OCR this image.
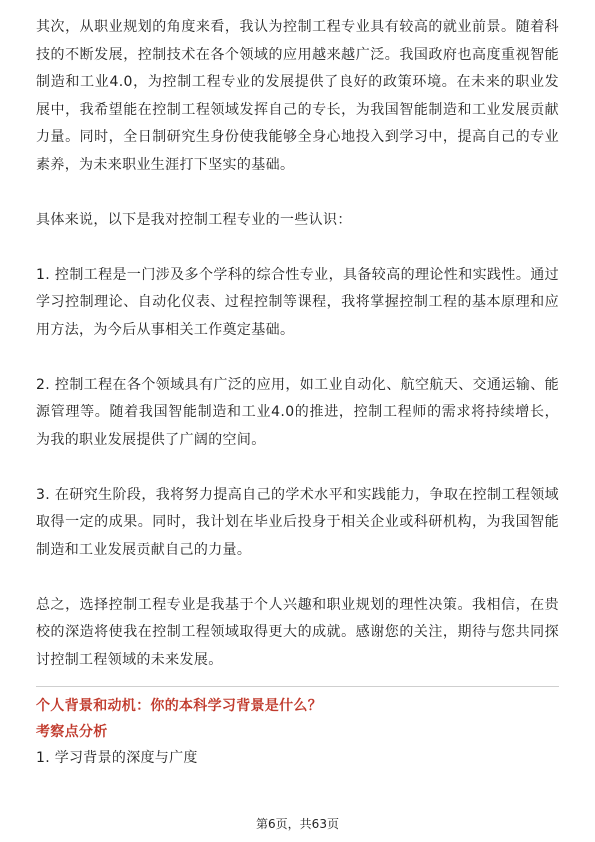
其次，从职业规划的角度来看，我认为控制工程专业具有较高的就业前景。随着科技的不断发展，控制技术在各个领域的应用越来越广泛。我国政府也高度重视智能制造和工业4.0，为控制工程专业的发展提供了良好的政策环境。在未来的职业发展中，我希望能在控制工程领域发挥自己的专长，为我国智能制造和工业发展贡献力量。同时，全日制研究生身份使我能够全身心地投入到学习中，提高自己的专业素养，为未来职业生涯打下坚实的基础。

具体来说，以下是我对控制工程专业的一些认识：

1. 控制工程是一门涉及多个学科的综合性专业，具备较高的理论性和实践性。通过学习控制理论、自动化仪表、过程控制等课程，我将掌握控制工程的基本原理和应用方法，为今后从事相关工作奠定基础。

2. 控制工程在各个领域具有广泛的应用，如工业自动化、航空航天、交通运输、能源管理等。随着我国智能制造和工业4.0的推进，控制工程师的需求将持续增长，为我的职业发展提供了广阔的空间。

3. 在研究生阶段，我将努力提高自己的学术水平和实践能力，争取在控制工程领域取得一定的成果。同时，我计划在毕业后投身于相关企业或科研机构，为我国智能制造和工业发展贡献自己的力量。

总之，选择控制工程专业是我基于个人兴趣和职业规划的理性决策。我相信，在贵校的深造将使我在控制工程领域取得更大的成就。感谢您的关注，期待与您共同探讨控制工程领域的未来发展。

个人背景和动机：你的本科学习背景是什么？

考察点分析

1. 学习背景的深度与广度

第6页，共63页
